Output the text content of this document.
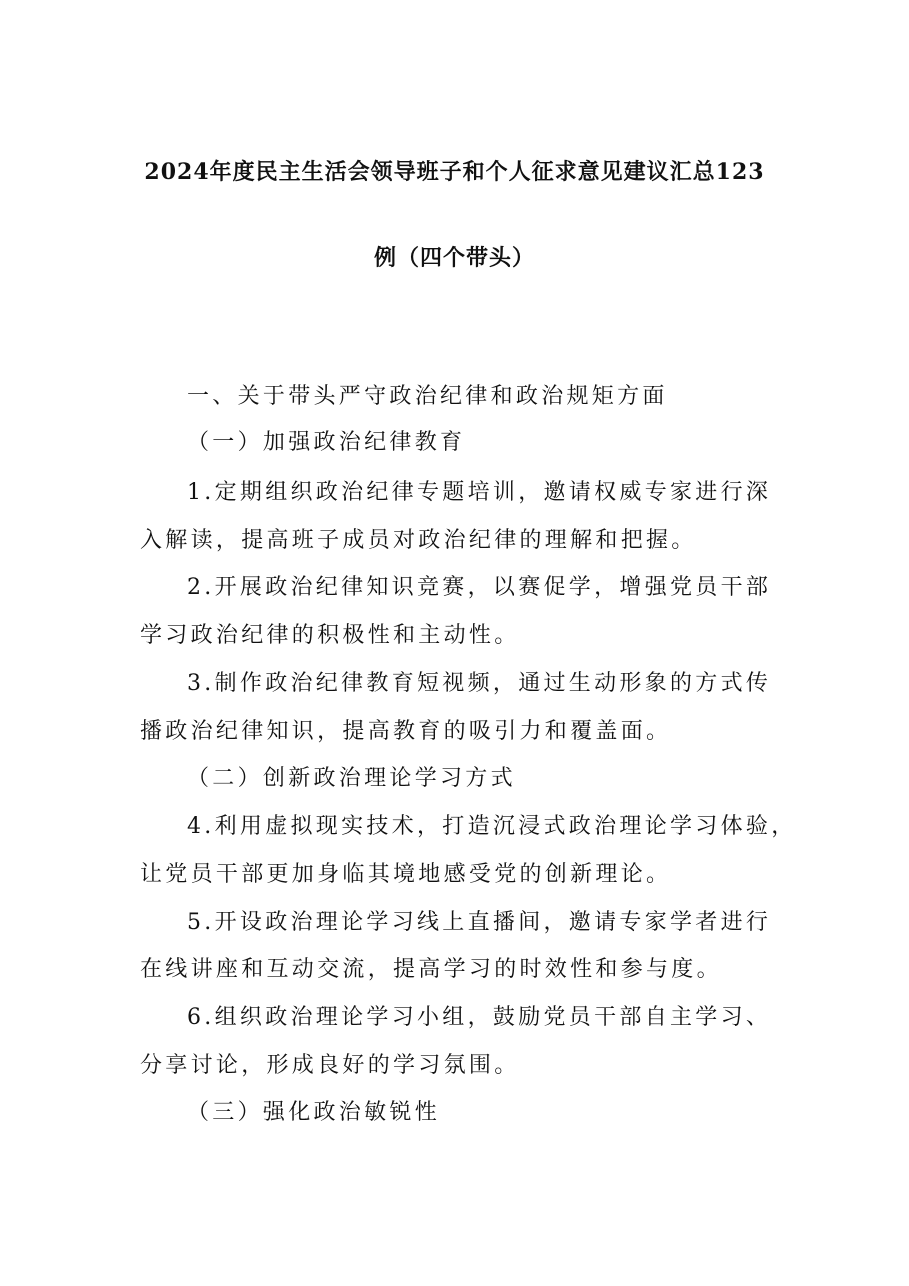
2024年度民主生活会领导班子和个人征求意见建议汇总123
例（四个带头）
一、关于带头严守政治纪律和政治规矩方面
（一）加强政治纪律教育
1.定期组织政治纪律专题培训，邀请权威专家进行深
入解读，提高班子成员对政治纪律的理解和把握。
2.开展政治纪律知识竞赛，以赛促学，增强党员干部
学习政治纪律的积极性和主动性。
3.制作政治纪律教育短视频，通过生动形象的方式传
播政治纪律知识，提高教育的吸引力和覆盖面。
（二）创新政治理论学习方式
4.利用虚拟现实技术，打造沉浸式政治理论学习体验，
让党员干部更加身临其境地感受党的创新理论。
5.开设政治理论学习线上直播间，邀请专家学者进行
在线讲座和互动交流，提高学习的时效性和参与度。
6.组织政治理论学习小组，鼓励党员干部自主学习、
分享讨论，形成良好的学习氛围。
（三）强化政治敏锐性
